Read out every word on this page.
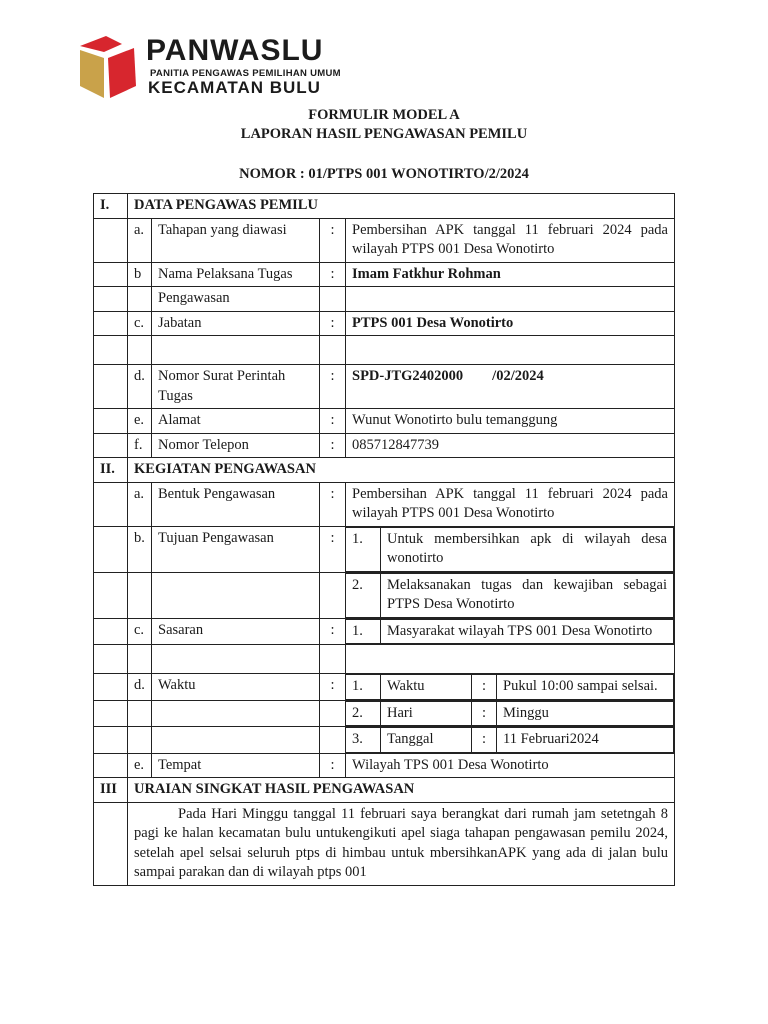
PANWASLU
PANITIA PENGAWAS PEMILIHAN UMUM
KECAMATAN BULU
FORMULIR MODEL A
LAPORAN HASIL PENGAWASAN PEMILU
NOMOR : 01/PTPS 001 WONOTIRTO/2/2024
I.	DATA PENGAWAS PEMILU
	a.	Tahapan yang diawasi	:	Pembersihan APK tanggal 11 februari 2024 pada wilayah PTPS 001 Desa Wonotirto
	b	Nama Pelaksana Tugas	:	Imam Fatkhur Rohman
		Pengawasan		
	c.	Jabatan	:	PTPS 001 Desa Wonotirto

	d.	Nomor Surat Perintah Tugas	:	SPD-JTG2402000        /02/2024
	e.	Alamat	:	Wunut Wonotirto bulu temanggung
	f.	Nomor Telepon	:	085712847739
II.	KEGIATAN PENGAWASAN
	a.	Bentuk Pengawasan	:	Pembersihan APK tanggal 11 februari 2024 pada wilayah PTPS 001 Desa Wonotirto
	b.	Tujuan Pengawasan	:	1.	Untuk membersihkan apk di wilayah desa wonotirto

2.	Melaksanakan tugas dan kewajiban sebagai PTPS Desa Wonotirto

	c.	Sasaran	:	1.	Masyarakat wilayah TPS 001 Desa Wonotirto

	d.	Waktu	:	1.	Waktu	:	Pukul 10:00 sampai selsai.

2.	Hari	:	Minggu

3.	Tanggal	:	11 Februari2024

	e.	Tempat	:	Wilayah TPS 001 Desa Wonotirto
III	URAIAN SINGKAT HASIL PENGAWASAN

Pada Hari Minggu tanggal 11 februari saya berangkat dari rumah jam setetngah 8 pagi ke halan kecamatan bulu untukengikuti apel siaga tahapan pengawasan pemilu 2024, setelah apel selsai seluruh ptps di himbau untuk mbersihkanAPK yang ada di jalan bulu sampai parakan dan di wilayah ptps 001
